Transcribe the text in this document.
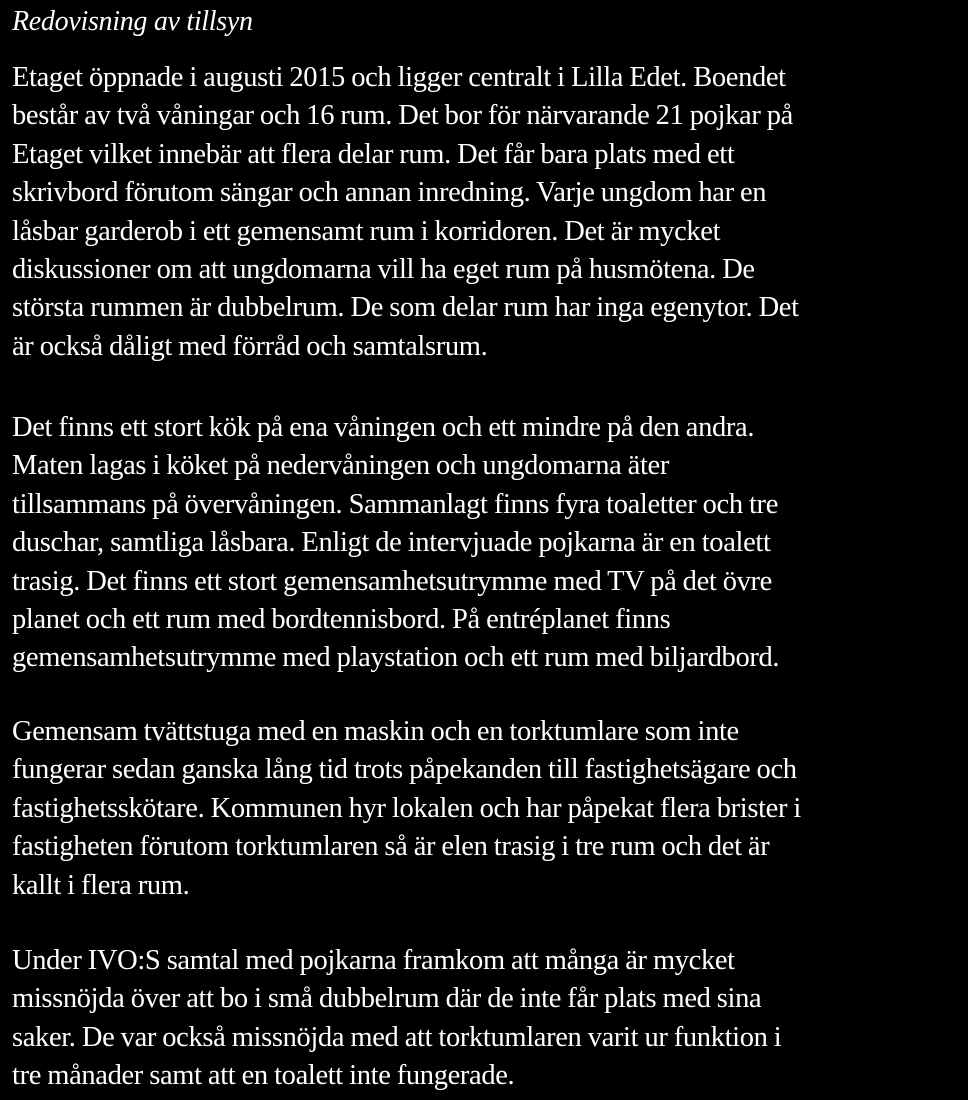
Redovisning av tillsyn

Etaget öppnade i augusti 2015 och ligger centralt i Lilla Edet. Boendet
består av två våningar och 16 rum. Det bor för närvarande 21 pojkar på
Etaget vilket innebär att flera delar rum. Det får bara plats med ett
skrivbord förutom sängar och annan inredning. Varje ungdom har en
låsbar garderob i ett gemensamt rum i korridoren. Det är mycket
diskussioner om att ungdomarna vill ha eget rum på husmötena. De
största rummen är dubbelrum. De som delar rum har inga egenytor. Det
är också dåligt med förråd och samtalsrum.

Det finns ett stort kök på ena våningen och ett mindre på den andra.
Maten lagas i köket på nedervåningen och ungdomarna äter
tillsammans på övervåningen. Sammanlagt finns fyra toaletter och tre
duschar, samtliga låsbara. Enligt de intervjuade pojkarna är en toalett
trasig. Det finns ett stort gemensamhetsutrymme med TV på det övre
planet och ett rum med bordtennisbord. På entréplanet finns
gemensamhetsutrymme med playstation och ett rum med biljardbord.

Gemensam tvättstuga med en maskin och en torktumlare som inte
fungerar sedan ganska lång tid trots påpekanden till fastighetsägare och
fastighetsskötare. Kommunen hyr lokalen och har påpekat flera brister i
fastigheten förutom torktumlaren så är elen trasig i tre rum och det är
kallt i flera rum.

Under IVO:S samtal med pojkarna framkom att många är mycket
missnöjda över att bo i små dubbelrum där de inte får plats med sina
saker. De var också missnöjda med att torktumlaren varit ur funktion i
tre månader samt att en toalett inte fungerade.
